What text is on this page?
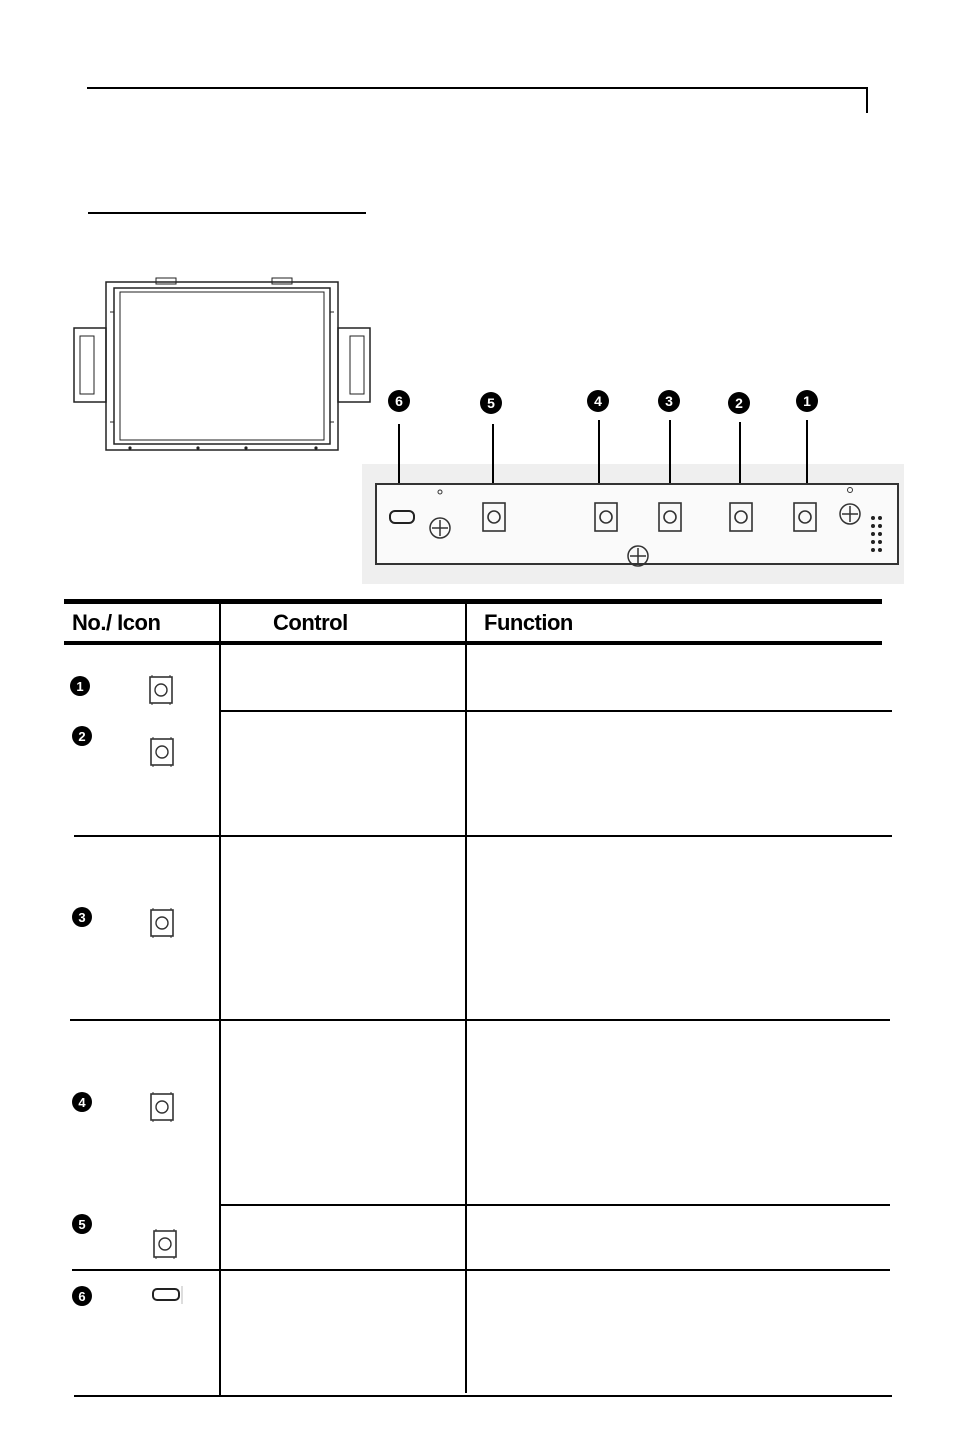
6	5	4	3	2	1
No./ Icon	Control	Function
1
2
3
4
5
6
